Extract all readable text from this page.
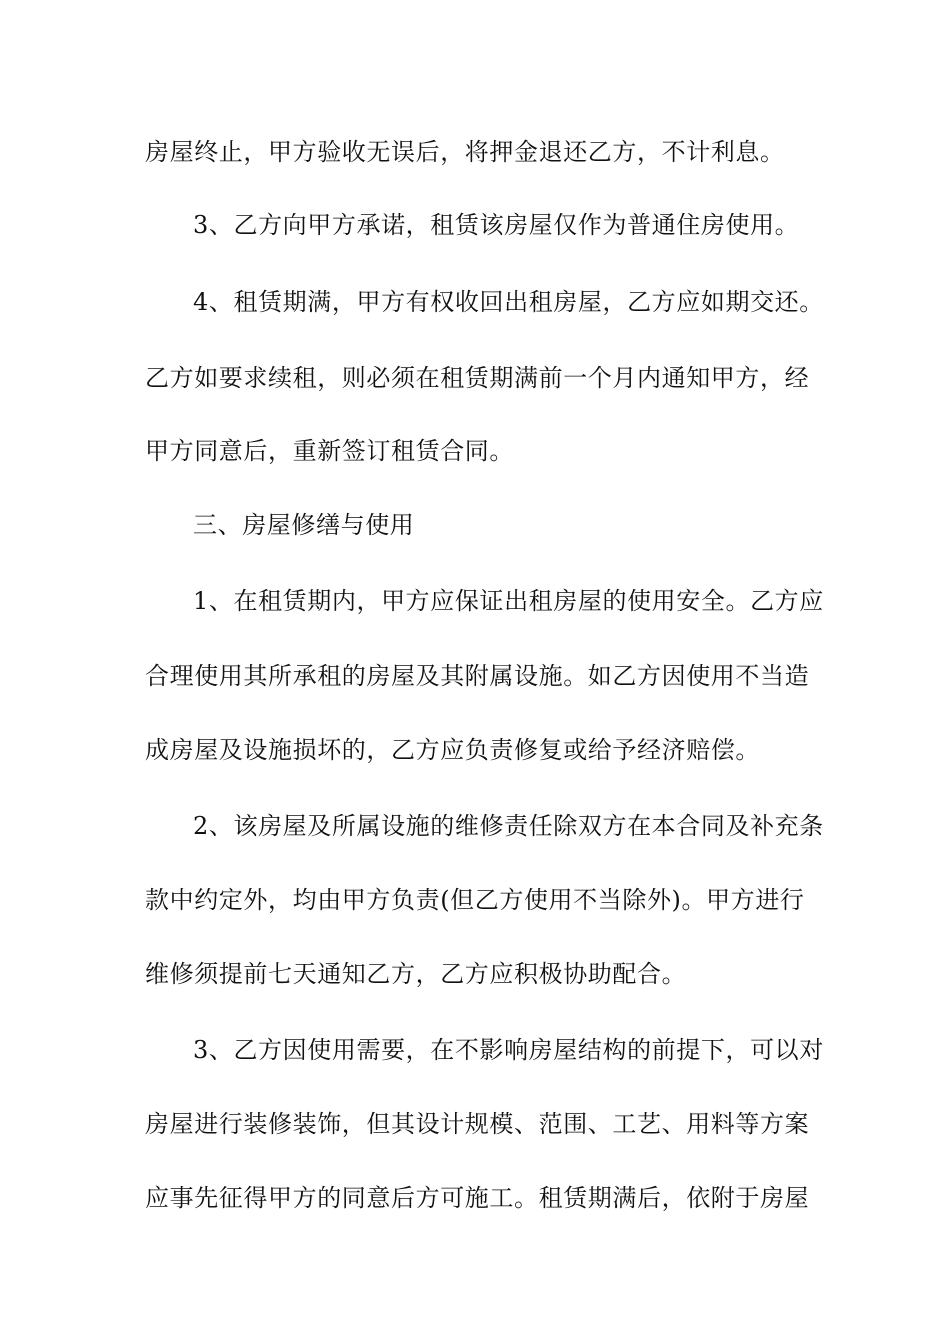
房屋终止，甲方验收无误后，将押金退还乙方，不计利息。
3、乙方向甲方承诺，租赁该房屋仅作为普通住房使用。
4、租赁期满，甲方有权收回出租房屋，乙方应如期交还。
乙方如要求续租，则必须在租赁期满前一个月内通知甲方，经
甲方同意后，重新签订租赁合同。
三、房屋修缮与使用
1、在租赁期内，甲方应保证出租房屋的使用安全。乙方应
合理使用其所承租的房屋及其附属设施。如乙方因使用不当造
成房屋及设施损坏的，乙方应负责修复或给予经济赔偿。
2、该房屋及所属设施的维修责任除双方在本合同及补充条
款中约定外，均由甲方负责(但乙方使用不当除外)。甲方进行
维修须提前七天通知乙方，乙方应积极协助配合。
3、乙方因使用需要，在不影响房屋结构的前提下，可以对
房屋进行装修装饰，但其设计规模、范围、工艺、用料等方案
应事先征得甲方的同意后方可施工。租赁期满后，依附于房屋
